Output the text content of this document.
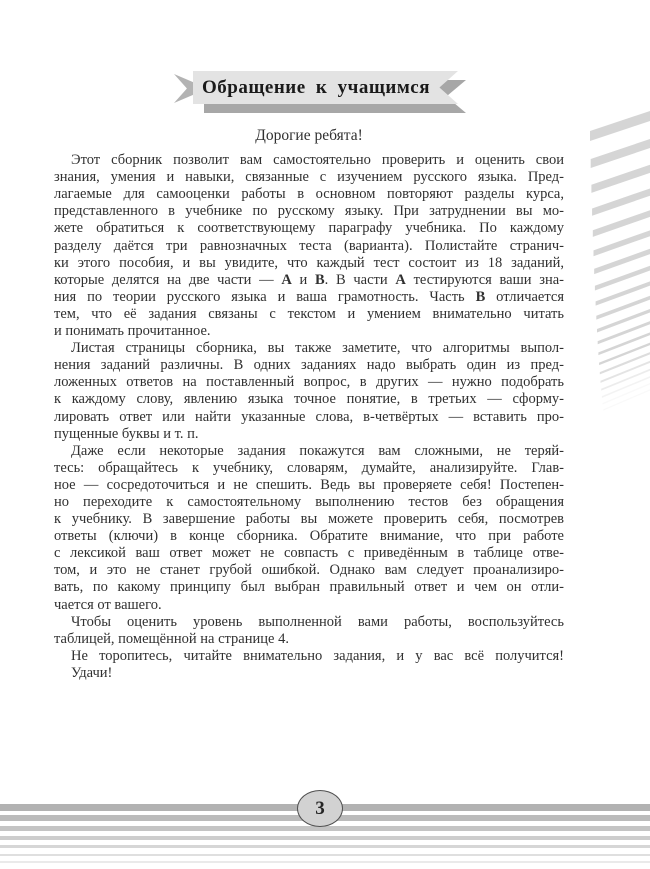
Обращение к учащимся
Дорогие ребята!
Этот сборник позволит вам самостоятельно проверить и оценить свои
знания, умения и навыки, связанные с изучением русского языка. Пред-
лагаемые для самооценки работы в основном повторяют разделы курса,
представленного в учебнике по русскому языку. При затруднении вы мо-
жете обратиться к соответствующему параграфу учебника. По каждому
разделу даётся три равнозначных теста (варианта). Полистайте странич-
ки этого пособия, и вы увидите, что каждый тест состоит из 18 заданий,
которые делятся на две части — А и В. В части А тестируются ваши зна-
ния по теории русского языка и ваша грамотность. Часть В отличается
тем, что её задания связаны с текстом и умением внимательно читать
и понимать прочитанное.
Листая страницы сборника, вы также заметите, что алгоритмы выпол-
нения заданий различны. В одних заданиях надо выбрать один из пред-
ложенных ответов на поставленный вопрос, в других — нужно подобрать
к каждому слову, явлению языка точное понятие, в третьих — сформу-
лировать ответ или найти указанные слова, в-четвёртых — вставить про-
пущенные буквы и т. п.
Даже если некоторые задания покажутся вам сложными, не теряй-
тесь: обращайтесь к учебнику, словарям, думайте, анализируйте. Глав-
ное — сосредоточиться и не спешить. Ведь вы проверяете себя! Постепен-
но переходите к самостоятельному выполнению тестов без обращения
к учебнику. В завершение работы вы можете проверить себя, посмотрев
ответы (ключи) в конце сборника. Обратите внимание, что при работе
с лексикой ваш ответ может не совпасть с приведённым в таблице отве-
том, и это не станет грубой ошибкой. Однако вам следует проанализиро-
вать, по какому принципу был выбран правильный ответ и чем он отли-
чается от вашего.
Чтобы оценить уровень выполненной вами работы, воспользуйтесь
таблицей, помещённой на странице 4.
Не торопитесь, читайте внимательно задания, и у вас всё получится!
Удачи!
3
